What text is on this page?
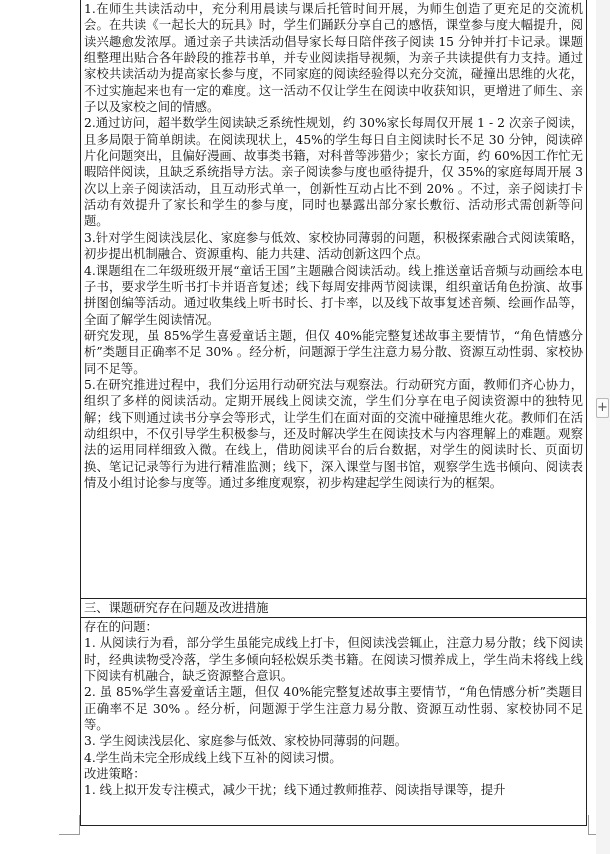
1.在师生共读活动中，充分利用晨读与课后托管时间开展，为师生创造了更充足的交流机会。在共读《一起长大的玩具》时，学生们踊跃分享自己的感悟，课堂参与度大幅提升，阅读兴趣愈发浓厚。通过亲子共读活动倡导家长每日陪伴孩子阅读 15 分钟并打卡记录。课题组整理出贴合各年龄段的推荐书单，并专业阅读指导视频，为亲子共读提供有力支持。通过家校共读活动为提高家长参与度，不同家庭的阅读经验得以充分交流，碰撞出思维的火花，不过实施起来也有一定的难度。这一活动不仅让学生在阅读中收获知识，更增进了师生、亲子以及家校之间的情感。

2.通过访问，超半数学生阅读缺乏系统性规划，约 30%家长每周仅开展 1 - 2 次亲子阅读，且多局限于简单朗读。在阅读现状上，45%的学生每日自主阅读时长不足 30 分钟，阅读碎片化问题突出，且偏好漫画、故事类书籍，对科普等涉猎少；家长方面，约 60%因工作忙无暇陪伴阅读，且缺乏系统指导方法。亲子阅读参与度也亟待提升，仅 35%的家庭每周开展 3次以上亲子阅读活动，且互动形式单一，创新性互动占比不到 20% 。不过，亲子阅读打卡活动有效提升了家长和学生的参与度，同时也暴露出部分家长敷衍、活动形式需创新等问题。

3.针对学生阅读浅层化、家庭参与低效、家校协同薄弱的问题，积极探索融合式阅读策略，初步提出机制融合、资源重构、能力共建、活动创新这四个点。

4.课题组在二年级班级开展“童话王国”主题融合阅读活动。线上推送童话音频与动画绘本电子书，要求学生听书打卡并语音复述；线下每周安排两节阅读课，组织童话角色扮演、故事拼图创编等活动。通过收集线上听书时长、打卡率，以及线下故事复述音频、绘画作品等，全面了解学生阅读情况。

研究发现，虽 85%学生喜爱童话主题，但仅 40%能完整复述故事主要情节，“角色情感分析”类题目正确率不足 30% 。经分析，问题源于学生注意力易分散、资源互动性弱、家校协同不足等。

5.在研究推进过程中，我们分运用行动研究法与观察法。行动研究方面，教师们齐心协力，组织了多样的阅读活动。定期开展线上阅读交流，学生们分享在电子阅读资源中的独特见解；线下则通过读书分享会等形式，让学生们在面对面的交流中碰撞思维火花。教师们在活动组织中，不仅引导学生积极参与，还及时解决学生在阅读技术与内容理解上的难题。观察法的运用同样细致入微。在线上，借助阅读平台的后台数据，对学生的阅读时长、页面切换、笔记记录等行为进行精准监测；线下，深入课堂与图书馆，观察学生选书倾向、阅读表情及小组讨论参与度等。通过多维度观察，初步构建起学生阅读行为的框架。

三、课题研究存在问题及改进措施

存在的问题：

1. 从阅读行为看，部分学生虽能完成线上打卡，但阅读浅尝辄止，注意力易分散；线下阅读时，经典读物受冷落，学生多倾向轻松娱乐类书籍。在阅读习惯养成上，学生尚未将线上线下阅读有机融合，缺乏资源整合意识。

2. 虽 85%学生喜爱童话主题，但仅 40%能完整复述故事主要情节，“角色情感分析”类题目正确率不足 30% 。经分析，问题源于学生注意力易分散、资源互动性弱、家校协同不足等。

3. 学生阅读浅层化、家庭参与低效、家校协同薄弱的问题。

4.学生尚未完全形成线上线下互补的阅读习惯。

改进策略：

1. 线上拟开发专注模式，减少干扰；线下通过教师推荐、阅读指导课等，提升

+
